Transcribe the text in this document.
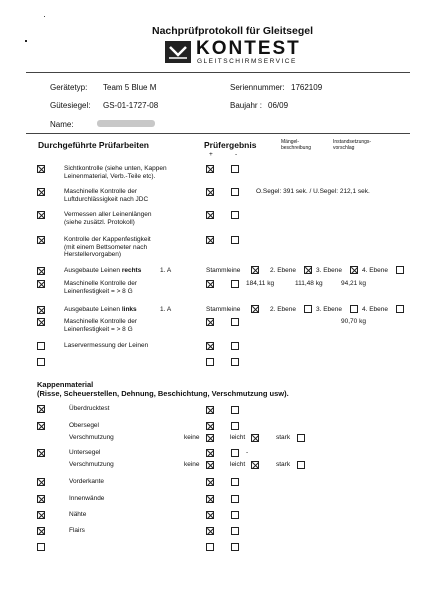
Nachprüfprotokoll für Gleitsegel
KONTEST
GLEITSCHIRMSERVICE
Gerätetyp: Team 5 Blue M	Seriennummer: 1762109
Gütesiegel: GS-01-1727-08	Baujahr : 06/09
Name:
Durchgeführte Prüfarbeiten	Prüfergebnis
+	-
Mängel-
beschreibung
Instandsetzungs-
vorschlag
Sichtkontrolle (siehe unten, Kappen
Leinenmaterial, Verb.-Teile etc).
Maschinelle Kontrolle der
Luftdurchlässigkeit nach JDC
O.Segel: 391 sek. / U.Segel: 212,1 sek.
Vermessen aller Leinenlängen
(siehe zusätzl. Protokoll)
Kontrolle der Kappenfestigkeit
(mit einem Bettsometer nach
Herstellervorgaben)
Ausgebaute Leinen rechts	1. A	Stammleine	2. Ebene	3. Ebene	4. Ebene
Maschinelle Kontrolle der
Leinenfestigkeit = > 8 G
184,11 kg	111,48 kg	94,21 kg
Ausgebaute Leinen links	1. A	Stammleine	2. Ebene	3. Ebene	4. Ebene
Maschinelle Kontrolle der
Leinenfestigkeit = > 8 G
90,70 kg
Laservermessung der Leinen
Kappenmaterial
(Risse, Scheuerstellen, Dehnung, Beschichtung, Verschmutzung usw).
Überdrucktest
Obersegel
Verschmutzung	keine	leicht	stark
Untersegel	-
Verschmutzung	keine	leicht	stark
Vorderkante
Innenwände
Nähte
Flairs
